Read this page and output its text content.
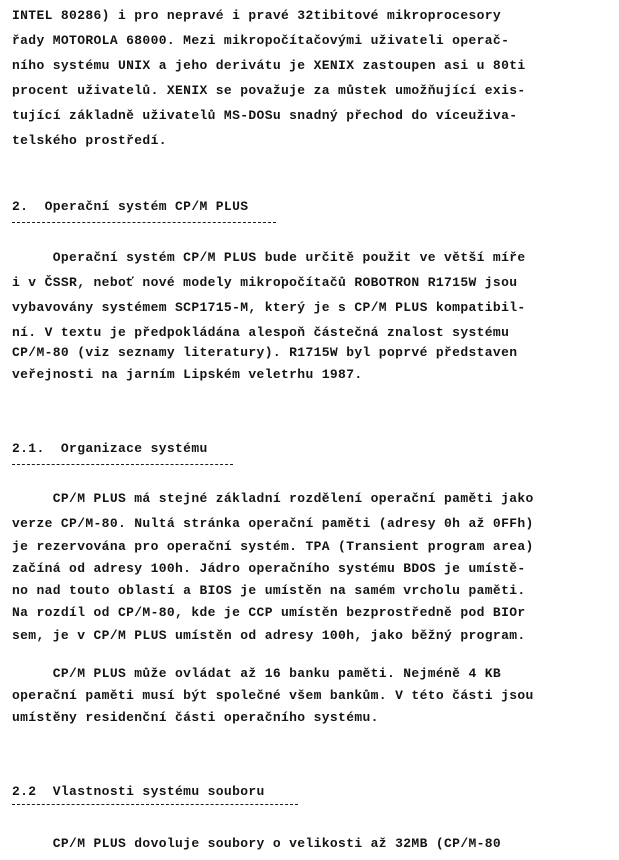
INTEL 80286) i pro nepravé i pravé 32tibitové mikroprocesory
řady MOTOROLA 68000. Mezi mikropočítačovými uživateli operač-
ního systému UNIX a jeho derivátu je XENIX zastoupen asi u 80ti
procent uživatelů. XENIX se považuje za můstek umožňující exis-
tující základně uživatelů MS-DOSu snadný přechod do víceuživa-
telského prostředí.
2.  Operační systém CP/M PLUS
Operační systém CP/M PLUS bude určitě použit ve větší míře
i v ČSSR, neboť nové modely mikropočítačů ROBOTRON R1715W jsou
vybavovány systémem SCP1715-M, který je s CP/M PLUS kompatibil-
ní. V textu je předpokládána alespoň částečná znalost systému
CP/M-80 (viz seznamy literatury). R1715W byl poprvé představen
veřejnosti na jarním Lipském veletrhu 1987.
2.1.  Organizace systému
CP/M PLUS má stejné základní rozdělení operační paměti jako
verze CP/M-80. Nultá stránka operační paměti (adresy 0h až 0FFh)
je rezervována pro operační systém. TPA (Transient program area)
začíná od adresy 100h. Jádro operačního systému BDOS je umístě-
no nad touto oblastí a BIOS je umístěn na samém vrcholu paměti.
Na rozdíl od CP/M-80, kde je CCP umístěn bezprostředně pod BIOr
sem, je v CP/M PLUS umístěn od adresy 100h, jako běžný program.
CP/M PLUS může ovládat až 16 banku paměti. Nejméně 4 KB
operační paměti musí být společné všem bankům. V této části jsou
umístěny residenční části operačního systému.
2.2  Vlastnosti systému souboru
CP/M PLUS dovoluje soubory o velikosti až 32MB (CP/M-80
